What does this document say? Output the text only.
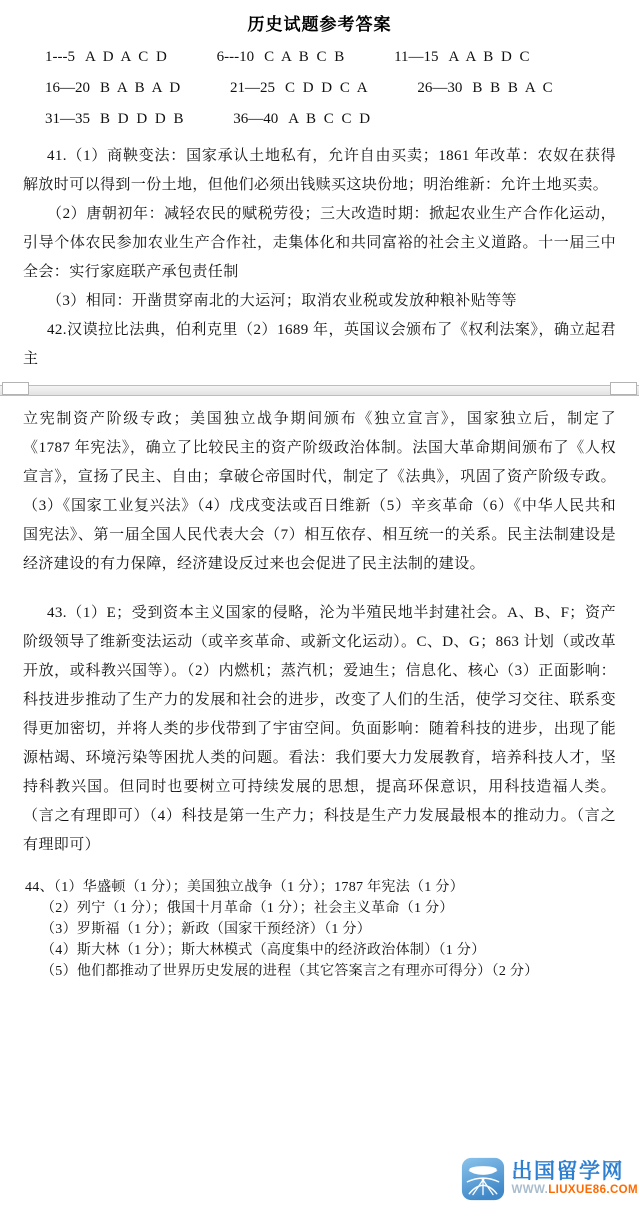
历史试题参考答案
1---5 A D A C D	6---10 C A B C B	11—15 A A B D C
16—20 B A B A D	21—25 C D D C A	26—30 B B B A C
31—35 B D D D B	36—40 A B C C D

41.（1）商鞅变法：国家承认土地私有，允许自由买卖；1861 年改革：农奴在获得解放时可以得到一份土地，但他们必须出钱赎买这块份地；明治维新：允许土地买卖。

（2）唐朝初年：减轻农民的赋税劳役；三大改造时期：掀起农业生产合作化运动，引导个体农民参加农业生产合作社，走集体化和共同富裕的社会主义道路。十一届三中全会：实行家庭联产承包责任制

（3）相同：开凿贯穿南北的大运河；取消农业税或发放种粮补贴等等

42.汉谟拉比法典，伯利克里（2）1689 年，英国议会颁布了《权利法案》，确立起君主

立宪制资产阶级专政；美国独立战争期间颁布《独立宣言》，国家独立后，制定了《1787 年宪法》，确立了比较民主的资产阶级政治体制。法国大革命期间颁布了《人权宣言》，宣扬了民主、自由；拿破仑帝国时代，制定了《法典》，巩固了资产阶级专政。（3）《国家工业复兴法》（4）戊戌变法或百日维新（5）辛亥革命（6）《中华人民共和国宪法》、第一届全国人民代表大会（7）相互依存、相互统一的关系。民主法制建设是经济建设的有力保障，经济建设反过来也会促进了民主法制的建设。

43.（1）E；受到资本主义国家的侵略，沦为半殖民地半封建社会。A、B、F；资产阶级领导了维新变法运动（或辛亥革命、或新文化运动）。C、D、G；863 计划（或改革开放，或科教兴国等）。（2）内燃机；蒸汽机；爱迪生；信息化、核心（3）正面影响：科技进步推动了生产力的发展和社会的进步，改变了人们的生活，使学习交往、联系变得更加密切，并将人类的步伐带到了宇宙空间。负面影响：随着科技的进步，出现了能源枯竭、环境污染等困扰人类的问题。看法：我们要大力发展教育，培养科技人才，坚持科教兴国。但同时也要树立可持续发展的思想，提高环保意识，用科技造福人类。（言之有理即可）（4）科技是第一生产力；科技是生产力发展最根本的推动力。（言之有理即可）

44、（1）华盛顿（1 分）；美国独立战争（1 分）；1787 年宪法（1 分）
（2）列宁（1 分）；俄国十月革命（1 分）；社会主义革命（1 分）
（3）罗斯福（1 分）；新政（国家干预经济）（1 分）
（4）斯大林（1 分）；斯大林模式（高度集中的经济政治体制）（1 分）
（5）他们都推动了世界历史发展的进程（其它答案言之有理亦可得分）（2 分）
出国留学网
WWW.LIUXUE86.COM
